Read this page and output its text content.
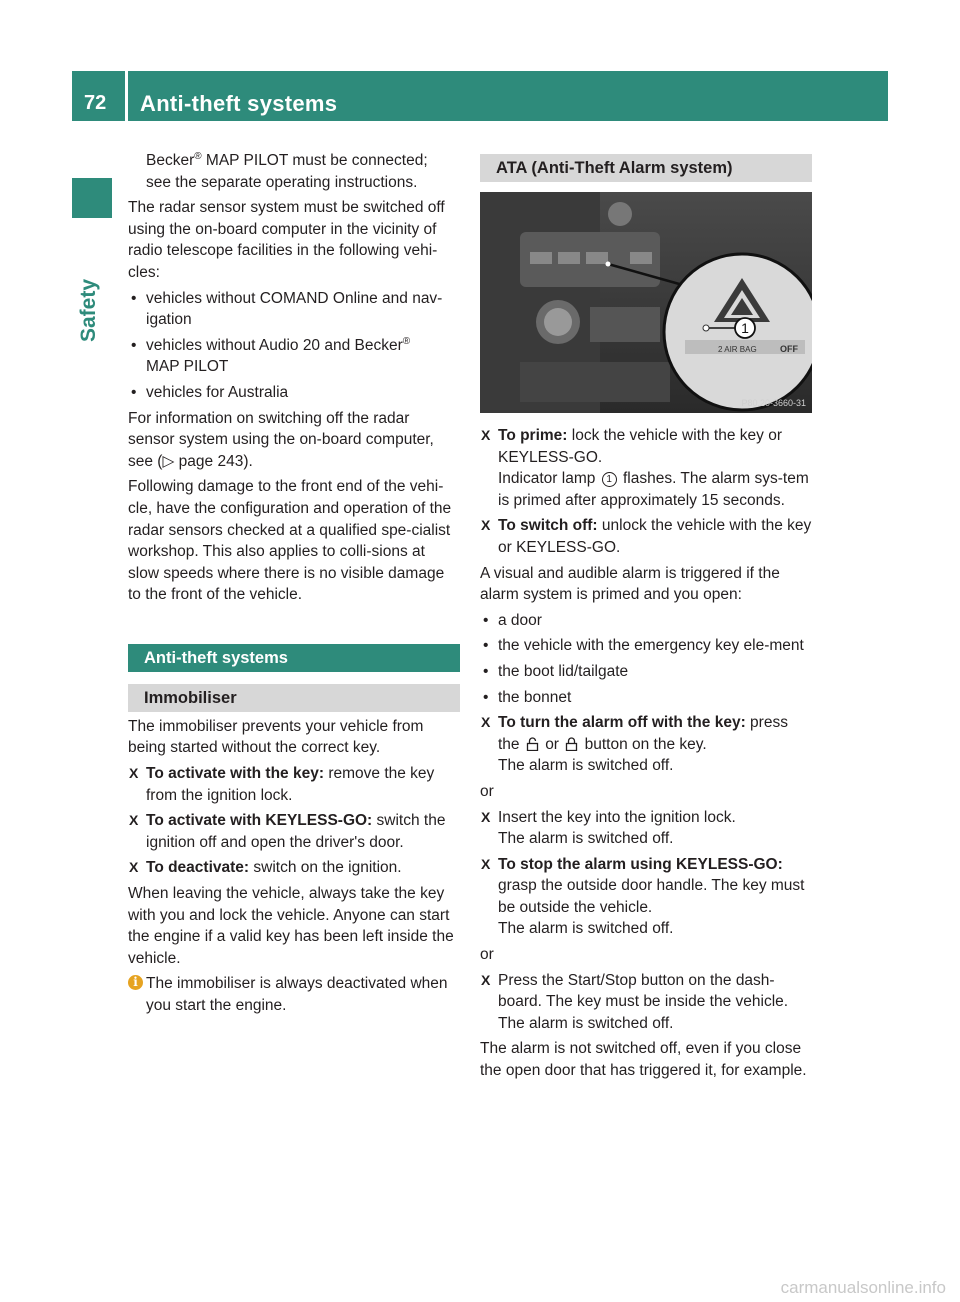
72 Anti-theft systems
Safety

Becker® MAP PILOT must be connected;
see the separate operating instructions.

The radar sensor system must be switched off using the on-board computer in the vicinity of radio telescope facilities in the following vehi-cles:

• vehicles without COMAND Online and nav-igation
• vehicles without Audio 20 and Becker®
MAP PILOT
• vehicles for Australia

For information on switching off the radar sensor system using the on-board computer, see (▷ page 243).

Following damage to the front end of the vehi-cle, have the configuration and operation of the radar sensors checked at a qualified spe-cialist workshop. This also applies to colli-sions at slow speeds where there is no visible damage to the front of the vehicle.

Anti-theft systems
Immobiliser

The immobiliser prevents your vehicle from being started without the correct key.

X To activate with the key: remove the key from the ignition lock.
X To activate with KEYLESS-GO: switch the ignition off and open the driver's door.
X To deactivate: switch on the ignition.

When leaving the vehicle, always take the key with you and lock the vehicle. Anyone can start the engine if a valid key has been left inside the vehicle.

i The immobiliser is always deactivated when you start the engine.
ATA (Anti-Theft Alarm system)
1
2 AIR BAG	OFF
P80.20-3660-31
X To prime: lock the vehicle with the key or KEYLESS-GO.
Indicator lamp 1 flashes. The alarm sys-tem is primed after approximately 15 seconds.
X To switch off: unlock the vehicle with the key or KEYLESS-GO.

A visual and audible alarm is triggered if the alarm system is primed and you open:

• a door
• the vehicle with the emergency key ele-ment
• the boot lid/tailgate
• the bonnet
X To turn the alarm off with the key: press
the or button on the key.
The alarm is switched off.

or

X Insert the key into the ignition lock.
The alarm is switched off.
X To stop the alarm using KEYLESS-GO:
grasp the outside door handle. The key must be outside the vehicle.
The alarm is switched off.

or

X Press the Start/Stop button on the dash-board. The key must be inside the vehicle.
The alarm is switched off.

The alarm is not switched off, even if you close the open door that has triggered it, for example.

carmanualsonline.info
